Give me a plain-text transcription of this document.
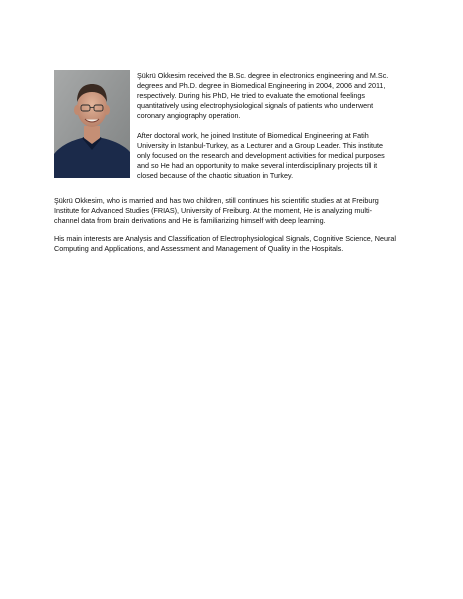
Şükrü Okkesim received the B.Sc. degree in electronics engineering and M.Sc.
degrees and Ph.D. degree in Biomedical Engineering in 2004, 2006 and 2011,
respectively. During his PhD, He tried to evaluate the emotional feelings
quantitatively using electrophysiological signals of patients who underwent
coronary angiography operation.

After doctoral work, he joined Institute of Biomedical Engineering at Fatih
University in Istanbul-Turkey, as a Lecturer and a Group Leader. This institute
only focused on the research and development activities for medical purposes
and so He had an opportunity to make several interdisciplinary projects till it
closed because of the chaotic situation in Turkey.

Şükrü Okkesim, who is married and has two children, still continues his scientific studies at at Freiburg
Institute for Advanced Studies (FRIAS), University of Freiburg. At the moment, He is analyzing multi-
channel data from brain derivations and He is familiarizing himself with deep learning.

His main interests are Analysis and Classification of Electrophysiological Signals, Cognitive Science, Neural
Computing and Applications, and Assessment and Management of Quality in the Hospitals.
